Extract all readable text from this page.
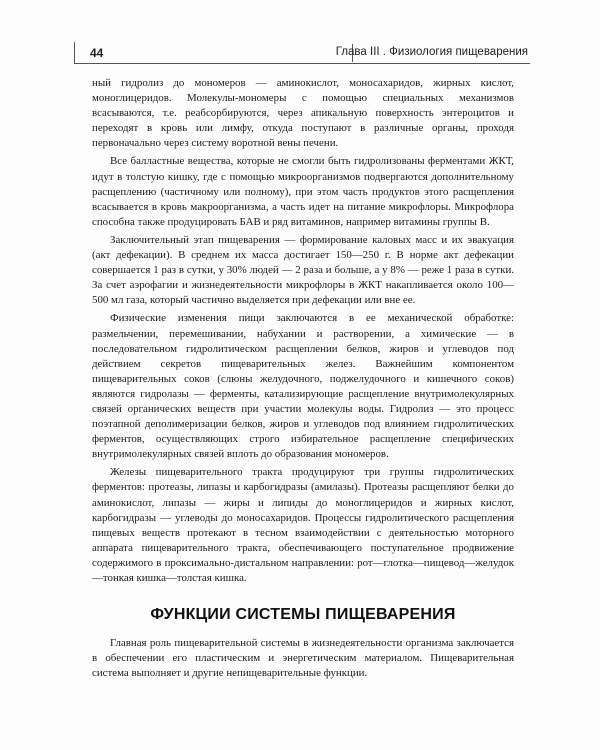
44	Глава III . Физиология пищеварения

ный гидролиз до мономеров — аминокислот, моносахаридов, жирных кислот, моноглицеридов. Молекулы-мономеры с помощью специальных механизмов всасываются, т.е. реабсорбируются, через апикальную поверхность энтероцитов и переходят в кровь или лимфу, откуда поступают в различные органы, проходя первоначально через систему воротной вены печени.

Все балластные вещества, которые не смогли быть гидролизованы ферментами ЖКТ, идут в толстую кишку, где с помощью микроорганизмов подвергаются дополнительному расщеплению (частичному или полному), при этом часть продуктов этого расщепления всасывается в кровь макроорганизма, а часть идет на питание микрофлоры. Микрофлора способна также продуцировать БАВ и ряд витаминов, например витамины группы В.

Заключительный этап пищеварения — формирование каловых масс и их эвакуация (акт дефекации). В среднем их масса достигает 150—250 г. В норме акт дефекации совершается 1 раз в сутки, у 30% людей — 2 раза и больше, а у 8% — реже 1 раза в сутки. За счет аэрофагии и жизнедеятельности микрофлоры в ЖКТ накапливается около 100—500 мл газа, который частично выделяется при дефекации или вне ее.

Физические изменения пищи заключаются в ее механической обработке: размельчении, перемешивании, набухании и растворении, а химические — в последовательном гидролитическом расщеплении белков, жиров и углеводов под действием секретов пищеварительных желез. Важнейшим компонентом пищеварительных соков (слюны желудочного, поджелудочного и кишечного соков) являются гидролазы — ферменты, катализирующие расщепление внутримолекулярных связей органических веществ при участии молекулы воды. Гидролиз — это процесс поэтапной деполимеризации белков, жиров и углеводов под влиянием гидролитических ферментов, осуществляющих строго избирательное расщепление специфических внутримолекулярных связей вплоть до образования мономеров.

Железы пищеварительного тракта продуцируют три группы гидролитических ферментов: протеазы, липазы и карбогидразы (амилазы). Протеазы расщепляют белки до аминокислот, липазы — жиры и липиды до моноглицеридов и жирных кислот, карбогидразы — углеводы до моносахаридов. Процессы гидролитического расщепления пищевых веществ протекают в тесном взаимодействии с деятельностью моторного аппарата пищеварительного тракта, обеспечивающего поступательное продвижение содержимого в проксимально-дистальном направлении: рот—глотка—пищевод—желудок—тонкая кишка—толстая кишка.

ФУНКЦИИ СИСТЕМЫ ПИЩЕВАРЕНИЯ

Главная роль пищеварительной системы в жизнедеятельности организма заключается в обеспечении его пластическим и энергетическим материалом. Пищеварительная система выполняет и другие непищеварительные функции.
